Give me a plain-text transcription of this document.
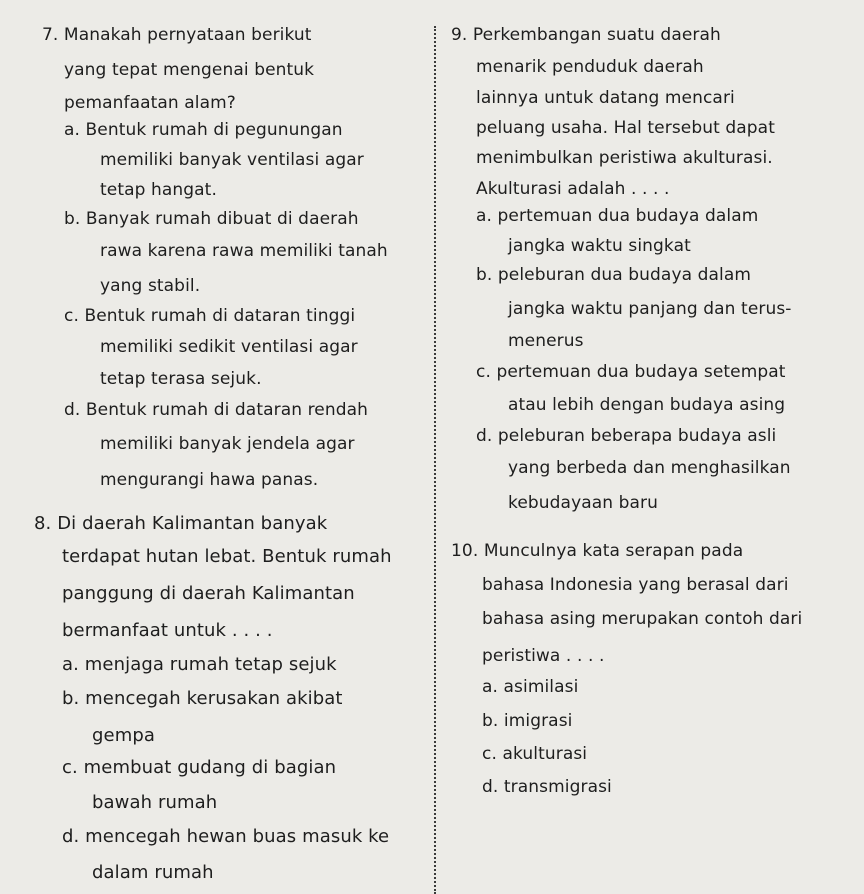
7. Manakah pernyataan berikut

yang tepat mengenai bentuk

pemanfaatan alam?

a. Bentuk rumah di pegunungan

memiliki banyak ventilasi agar

tetap hangat.

b. Banyak rumah dibuat di daerah

rawa karena rawa memiliki tanah

yang stabil.

c. Bentuk rumah di dataran tinggi

memiliki sedikit ventilasi agar

tetap terasa sejuk.

d. Bentuk rumah di dataran rendah

memiliki banyak jendela agar

mengurangi hawa panas.

8. Di daerah Kalimantan banyak

terdapat hutan lebat. Bentuk rumah

panggung di daerah Kalimantan

bermanfaat untuk . . . .

a. menjaga rumah tetap sejuk

b. mencegah kerusakan akibat

gempa

c. membuat gudang di bagian

bawah rumah

d. mencegah hewan buas masuk ke

dalam rumah

9. Perkembangan suatu daerah

menarik penduduk daerah

lainnya untuk datang mencari

peluang usaha. Hal tersebut dapat

menimbulkan peristiwa akulturasi.

Akulturasi adalah . . . .

a. pertemuan dua budaya dalam

jangka waktu singkat

b. peleburan dua budaya dalam

jangka waktu panjang dan terus-

menerus

c. pertemuan dua budaya setempat

atau lebih dengan budaya asing

d. peleburan beberapa budaya asli

yang berbeda dan menghasilkan

kebudayaan baru

10. Munculnya kata serapan pada

bahasa Indonesia yang berasal dari

bahasa asing merupakan contoh dari

peristiwa . . . .

a. asimilasi

b. imigrasi

c. akulturasi

d. transmigrasi
